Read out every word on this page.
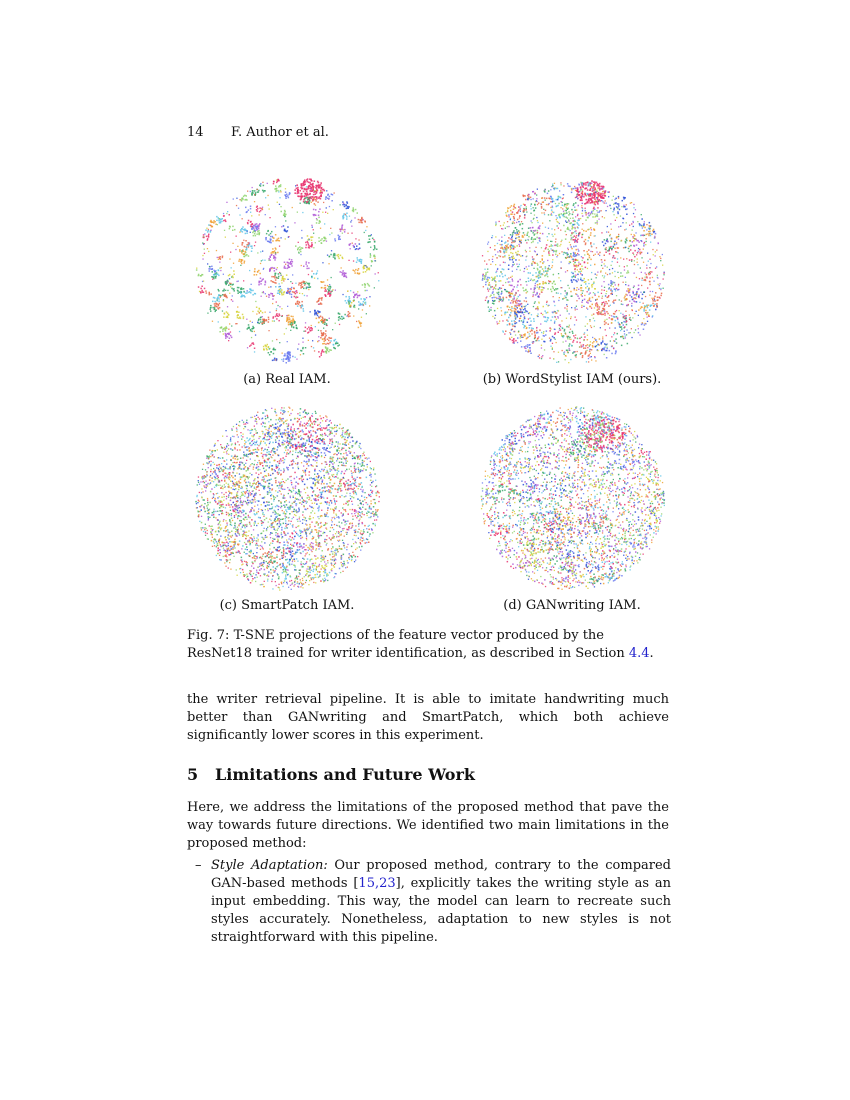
14 F. Author et al.
(a) Real IAM.	(b) WordStylist IAM (ours).
(c) SmartPatch IAM.	(d) GANwriting IAM.
Fig. 7: T-SNE projections of the feature vector produced by the ResNet18 trained for writer identification, as described in Section 4.4.
the writer retrieval pipeline. It is able to imitate handwriting much better than GANwriting and SmartPatch, which both achieve significantly lower scores in this experiment.
5 Limitations and Future Work
Here, we address the limitations of the proposed method that pave the way towards future directions. We identified two main limitations in the proposed method:
– Style Adaptation: Our proposed method, contrary to the compared GAN-based methods [15,23], explicitly takes the writing style as an input embedding. This way, the model can learn to recreate such styles accurately. Nonetheless, adaptation to new styles is not straightforward with this pipeline.
